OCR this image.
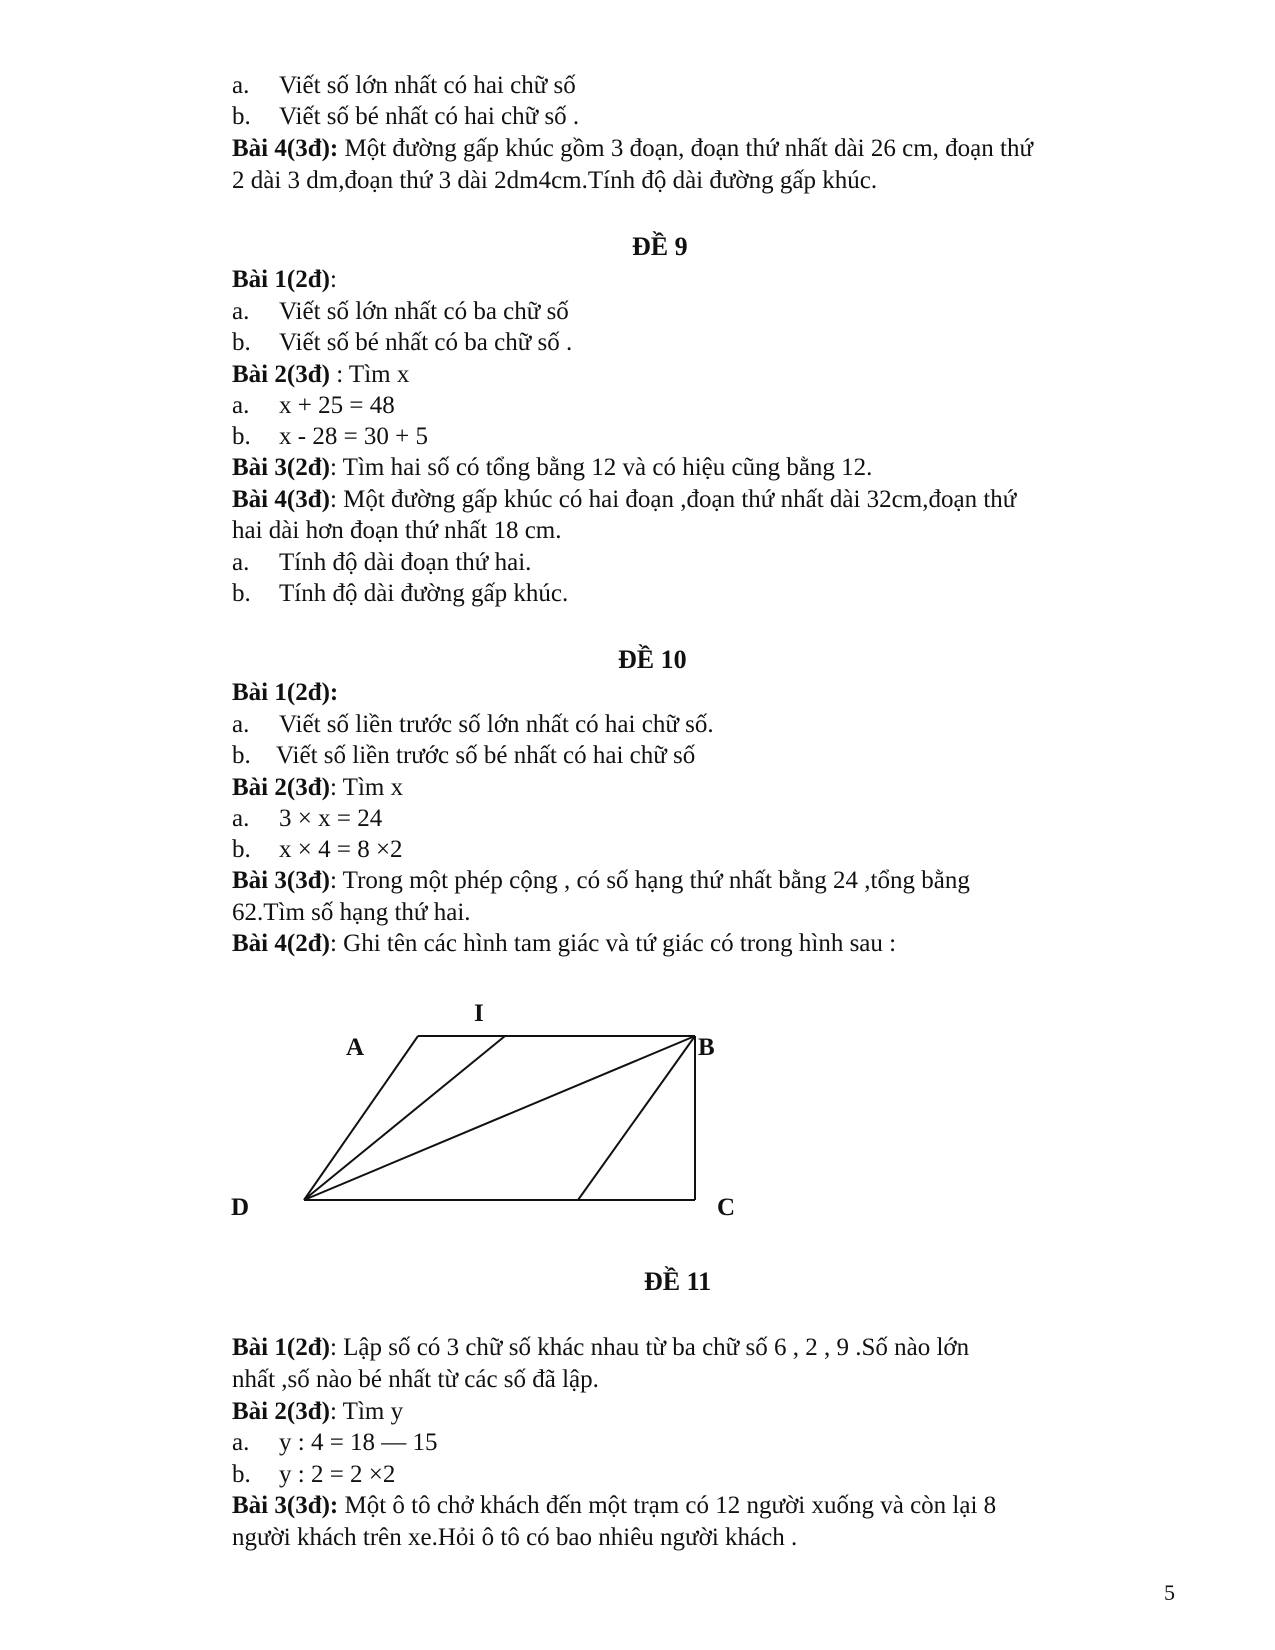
a. Viết số lớn nhất có hai chữ số
b. Viết số bé nhất có hai chữ số .
Bài 4(3đ): Một đường gấp khúc gồm 3 đoạn, đoạn thứ nhất dài 26 cm, đoạn thứ
2 dài 3 dm,đoạn thứ 3 dài 2dm4cm.Tính độ dài đường gấp khúc.
ĐỀ 9
Bài 1(2đ):
a. Viết số lớn nhất có ba chữ số
b. Viết số bé nhất có ba chữ số .
Bài 2(3đ) : Tìm x
a. x + 25 = 48
b. x - 28 = 30 + 5
Bài 3(2đ): Tìm hai số có tổng bằng 12 và có hiệu cũng bằng 12.
Bài 4(3đ): Một đường gấp khúc có hai đoạn ,đoạn thứ nhất dài 32cm,đoạn thứ
hai dài hơn đoạn thứ nhất 18 cm.
a. Tính độ dài đoạn thứ hai.
b. Tính độ dài đường gấp khúc.
ĐỀ 10
Bài 1(2đ):
a. Viết số liền trước số lớn nhất có hai chữ số.
b. Viết số liền trước số bé nhất có hai chữ số
Bài 2(3đ): Tìm x
a. 3 × x = 24
b. x × 4 = 8 ×2
Bài 3(3đ): Trong một phép cộng , có số hạng thứ nhất bằng 24 ,tổng bằng
62.Tìm số hạng thứ hai.
Bài 4(2đ): Ghi tên các hình tam giác và tứ giác có trong hình sau :
I
A	B
C
D
ĐỀ 11
Bài 1(2đ): Lập số có 3 chữ số khác nhau từ ba chữ số 6 , 2 , 9 .Số nào lớn
nhất ,số nào bé nhất từ các số đã lập.
Bài 2(3đ): Tìm y
a. y : 4 = 18 — 15
b. y : 2 = 2 ×2
Bài 3(3đ): Một ô tô chở khách đến một trạm có 12 người xuống và còn lại 8
người khách trên xe.Hỏi ô tô có bao nhiêu người khách .
5
